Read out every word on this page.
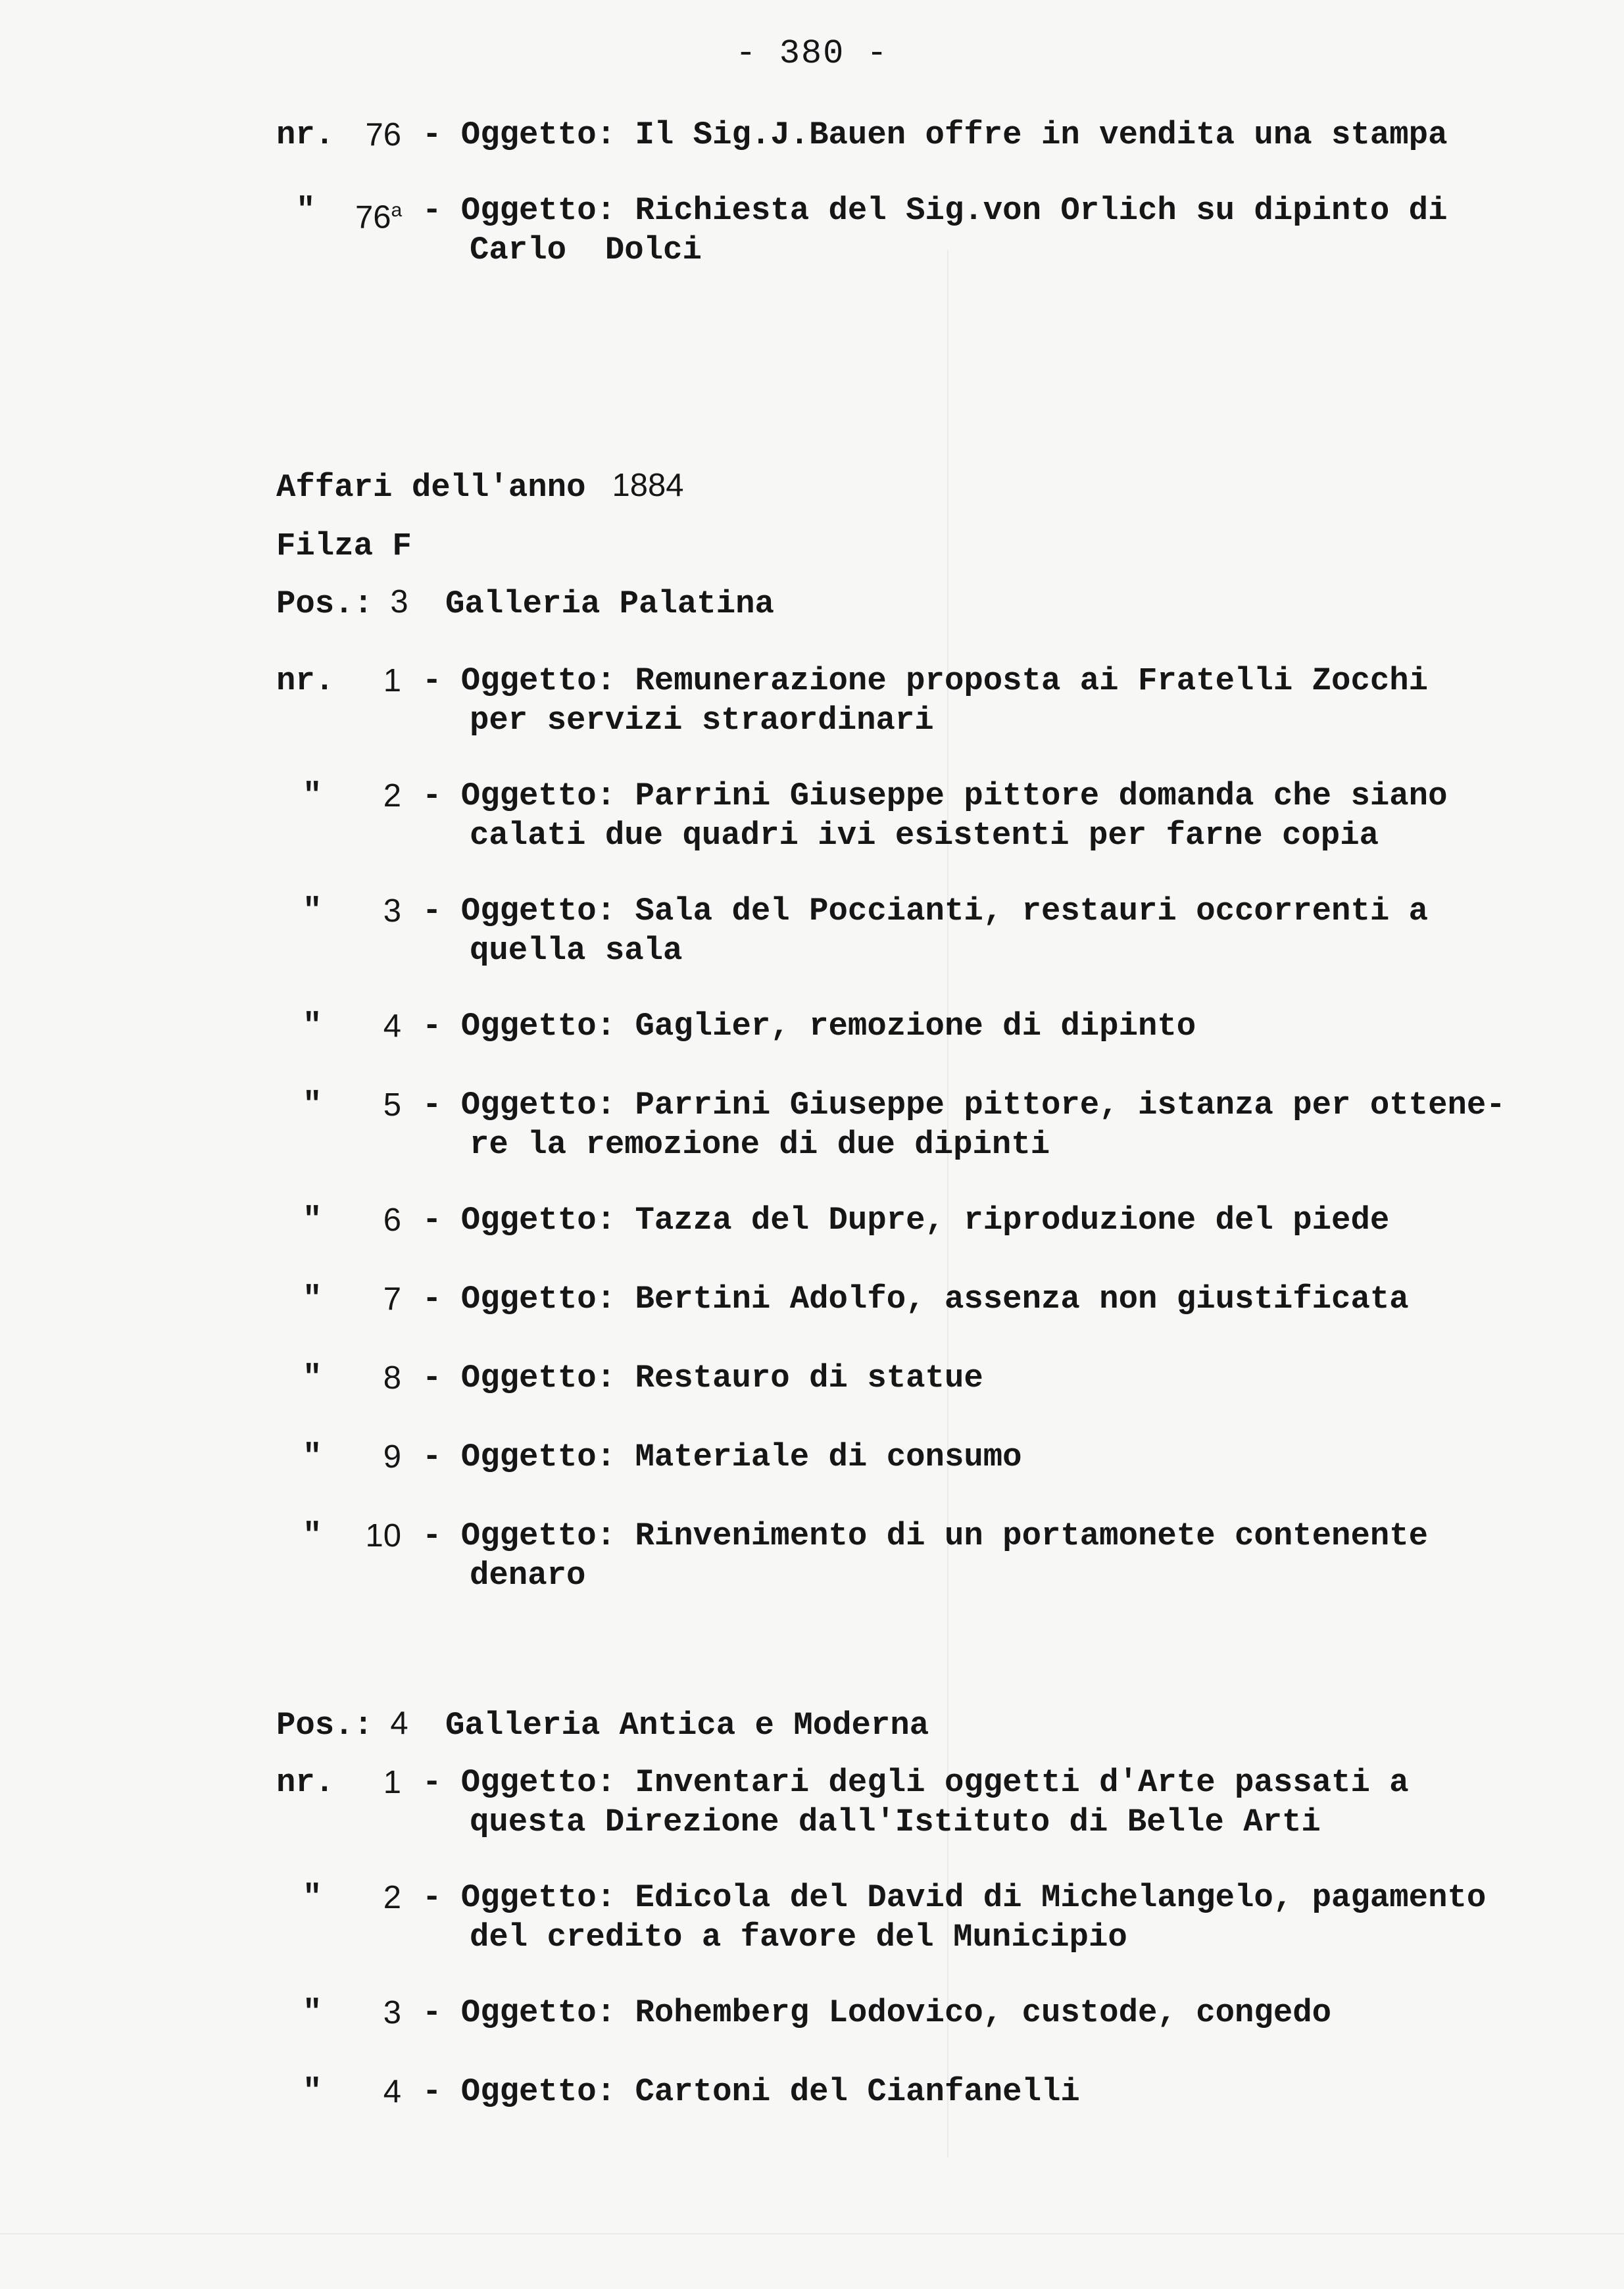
- 380 -
nr. 76 - Oggetto: Il Sig.J.Bauen offre in vendita una stampa
"	76$^a$ - Oggetto: Richiesta del Sig.von Orlich su dipinto di
Carlo  Dolci
Affari dell'anno 1884
Filza F
Pos.: 3 Galleria Palatina
nr.	1 - Oggetto: Remunerazione proposta ai Fratelli Zocchi
per servizi straordinari
"	2 - Oggetto: Parrini Giuseppe pittore domanda che siano
calati due quadri ivi esistenti per farne copia
"	3 - Oggetto: Sala del Poccianti, restauri occorrenti a
quella sala
"	4 - Oggetto: Gaglier, remozione di dipinto
"	5 - Oggetto: Parrini Giuseppe pittore, istanza per ottene-
re la remozione di due dipinti
"	6 - Oggetto: Tazza del Dupre, riproduzione del piede
"	7 - Oggetto: Bertini Adolfo, assenza non giustificata
"	8 - Oggetto: Restauro di statue
"	9 - Oggetto: Materiale di consumo
"	10 - Oggetto: Rinvenimento di un portamonete contenente
denaro
Pos.: 4 Galleria Antica e Moderna
nr.	1 - Oggetto: Inventari degli oggetti d'Arte passati a
questa Direzione dall'Istituto di Belle Arti
"	2 - Oggetto: Edicola del David di Michelangelo, pagamento
del credito a favore del Municipio
"	3 - Oggetto: Rohemberg Lodovico, custode, congedo
"	4 - Oggetto: Cartoni del Cianfanelli
